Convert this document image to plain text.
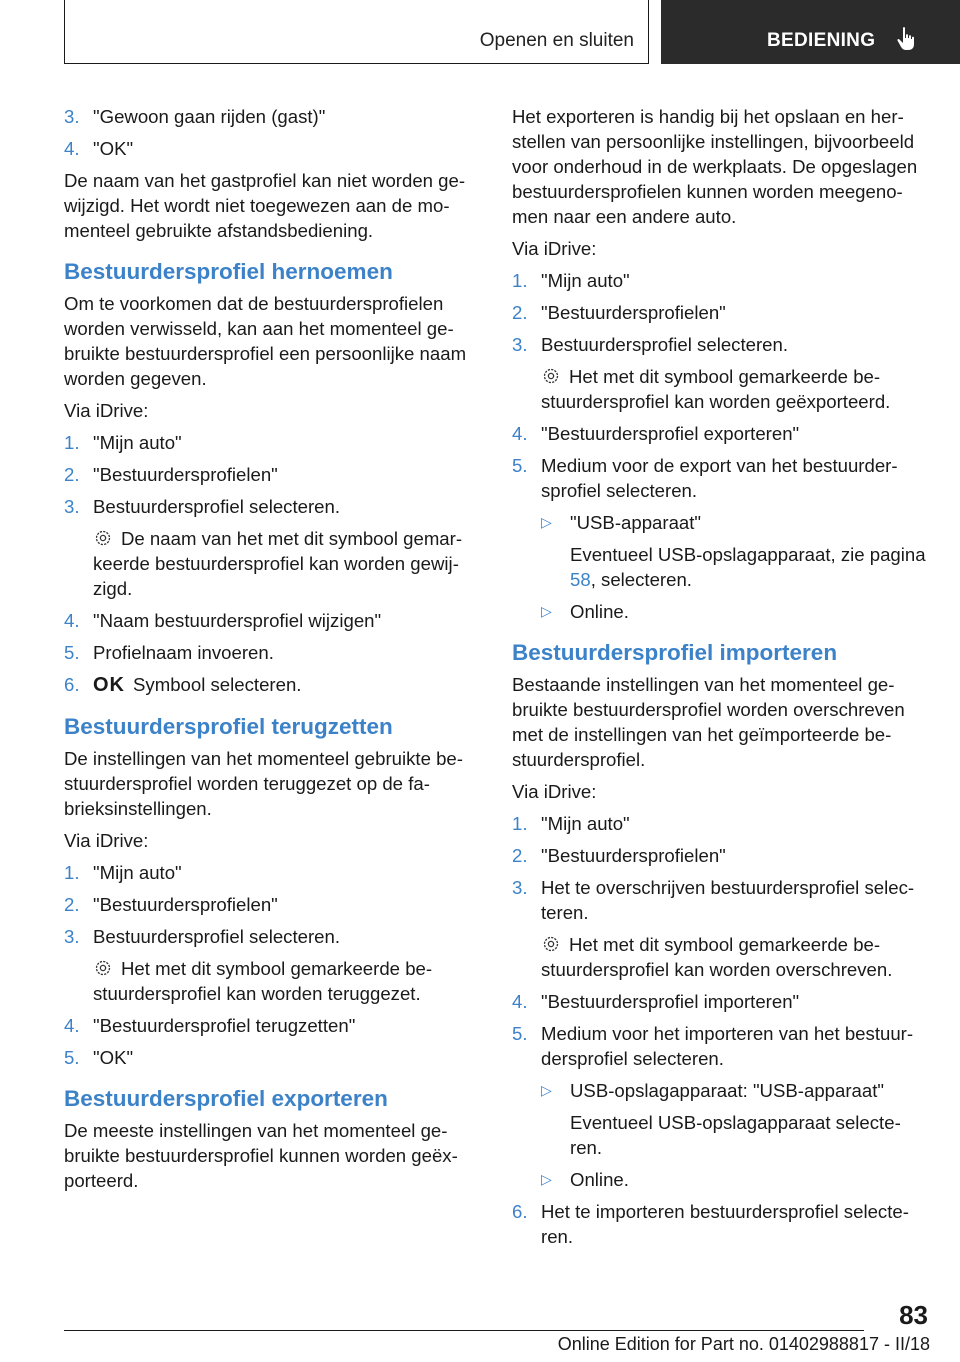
Openen en sluiten	BEDIENING
3. "Gewoon gaan rijden (gast)"
4. "OK"

De naam van het gastprofiel kan niet worden gewijzigd. Het wordt niet toegewezen aan de momenteel gebruikte afstandsbediening.

Bestuurdersprofiel hernoemen

Om te voorkomen dat de bestuurdersprofielen worden verwisseld, kan aan het momenteel gebruikte bestuurdersprofiel een persoonlijke naam worden gegeven.

Via iDrive:

1. "Mijn auto"
2. "Bestuurdersprofielen"
3. Bestuurdersprofiel selecteren.
De naam van het met dit symbool gemarkeerde bestuurdersprofiel kan worden gewijzigd.
4. "Naam bestuurdersprofiel wijzigen"
5. Profielnaam invoeren.
6. OK Symbool selecteren.
Bestuurdersprofiel terugzetten

De instellingen van het momenteel gebruikte bestuurdersprofiel worden teruggezet op de fabrieksinstellingen.

Via iDrive:

1. "Mijn auto"
2. "Bestuurdersprofielen"
3. Bestuurdersprofiel selecteren.
Het met dit symbool gemarkeerde bestuurdersprofiel kan worden teruggezet.
4. "Bestuurdersprofiel terugzetten"
5. "OK"
Bestuurdersprofiel exporteren

De meeste instellingen van het momenteel gebruikte bestuurdersprofiel kunnen worden geëxporteerd.

Het exporteren is handig bij het opslaan en herstellen van persoonlijke instellingen, bijvoorbeeld voor onderhoud in de werkplaats. De opgeslagen bestuurdersprofielen kunnen worden meegenomen naar een andere auto.

Via iDrive:

1. "Mijn auto"
2. "Bestuurdersprofielen"
3. Bestuurdersprofiel selecteren.
Het met dit symbool gemarkeerde bestuurdersprofiel kan worden geëxporteerd.
4. "Bestuurdersprofiel exporteren"
5. Medium voor de export van het bestuurdersprofiel selecteren.
▷ "USB-apparaat"
Eventueel USB-opslagapparaat, zie pagina 58, selecteren.
▷ Online.
Bestuurdersprofiel importeren

Bestaande instellingen van het momenteel gebruikte bestuurdersprofiel worden overschreven met de instellingen van het geïmporteerde bestuurdersprofiel.

Via iDrive:

1. "Mijn auto"
2. "Bestuurdersprofielen"
3. Het te overschrijven bestuurdersprofiel selecteren.
Het met dit symbool gemarkeerde bestuurdersprofiel kan worden overschreven.
4. "Bestuurdersprofiel importeren"
5. Medium voor het importeren van het bestuurdersprofiel selecteren.
▷ USB-opslagapparaat: "USB-apparaat"
Eventueel USB-opslagapparaat selecteren.
▷ Online.
6. Het te importeren bestuurdersprofiel selecteren.
83
Online Edition for Part no. 01402988817 - II/18
